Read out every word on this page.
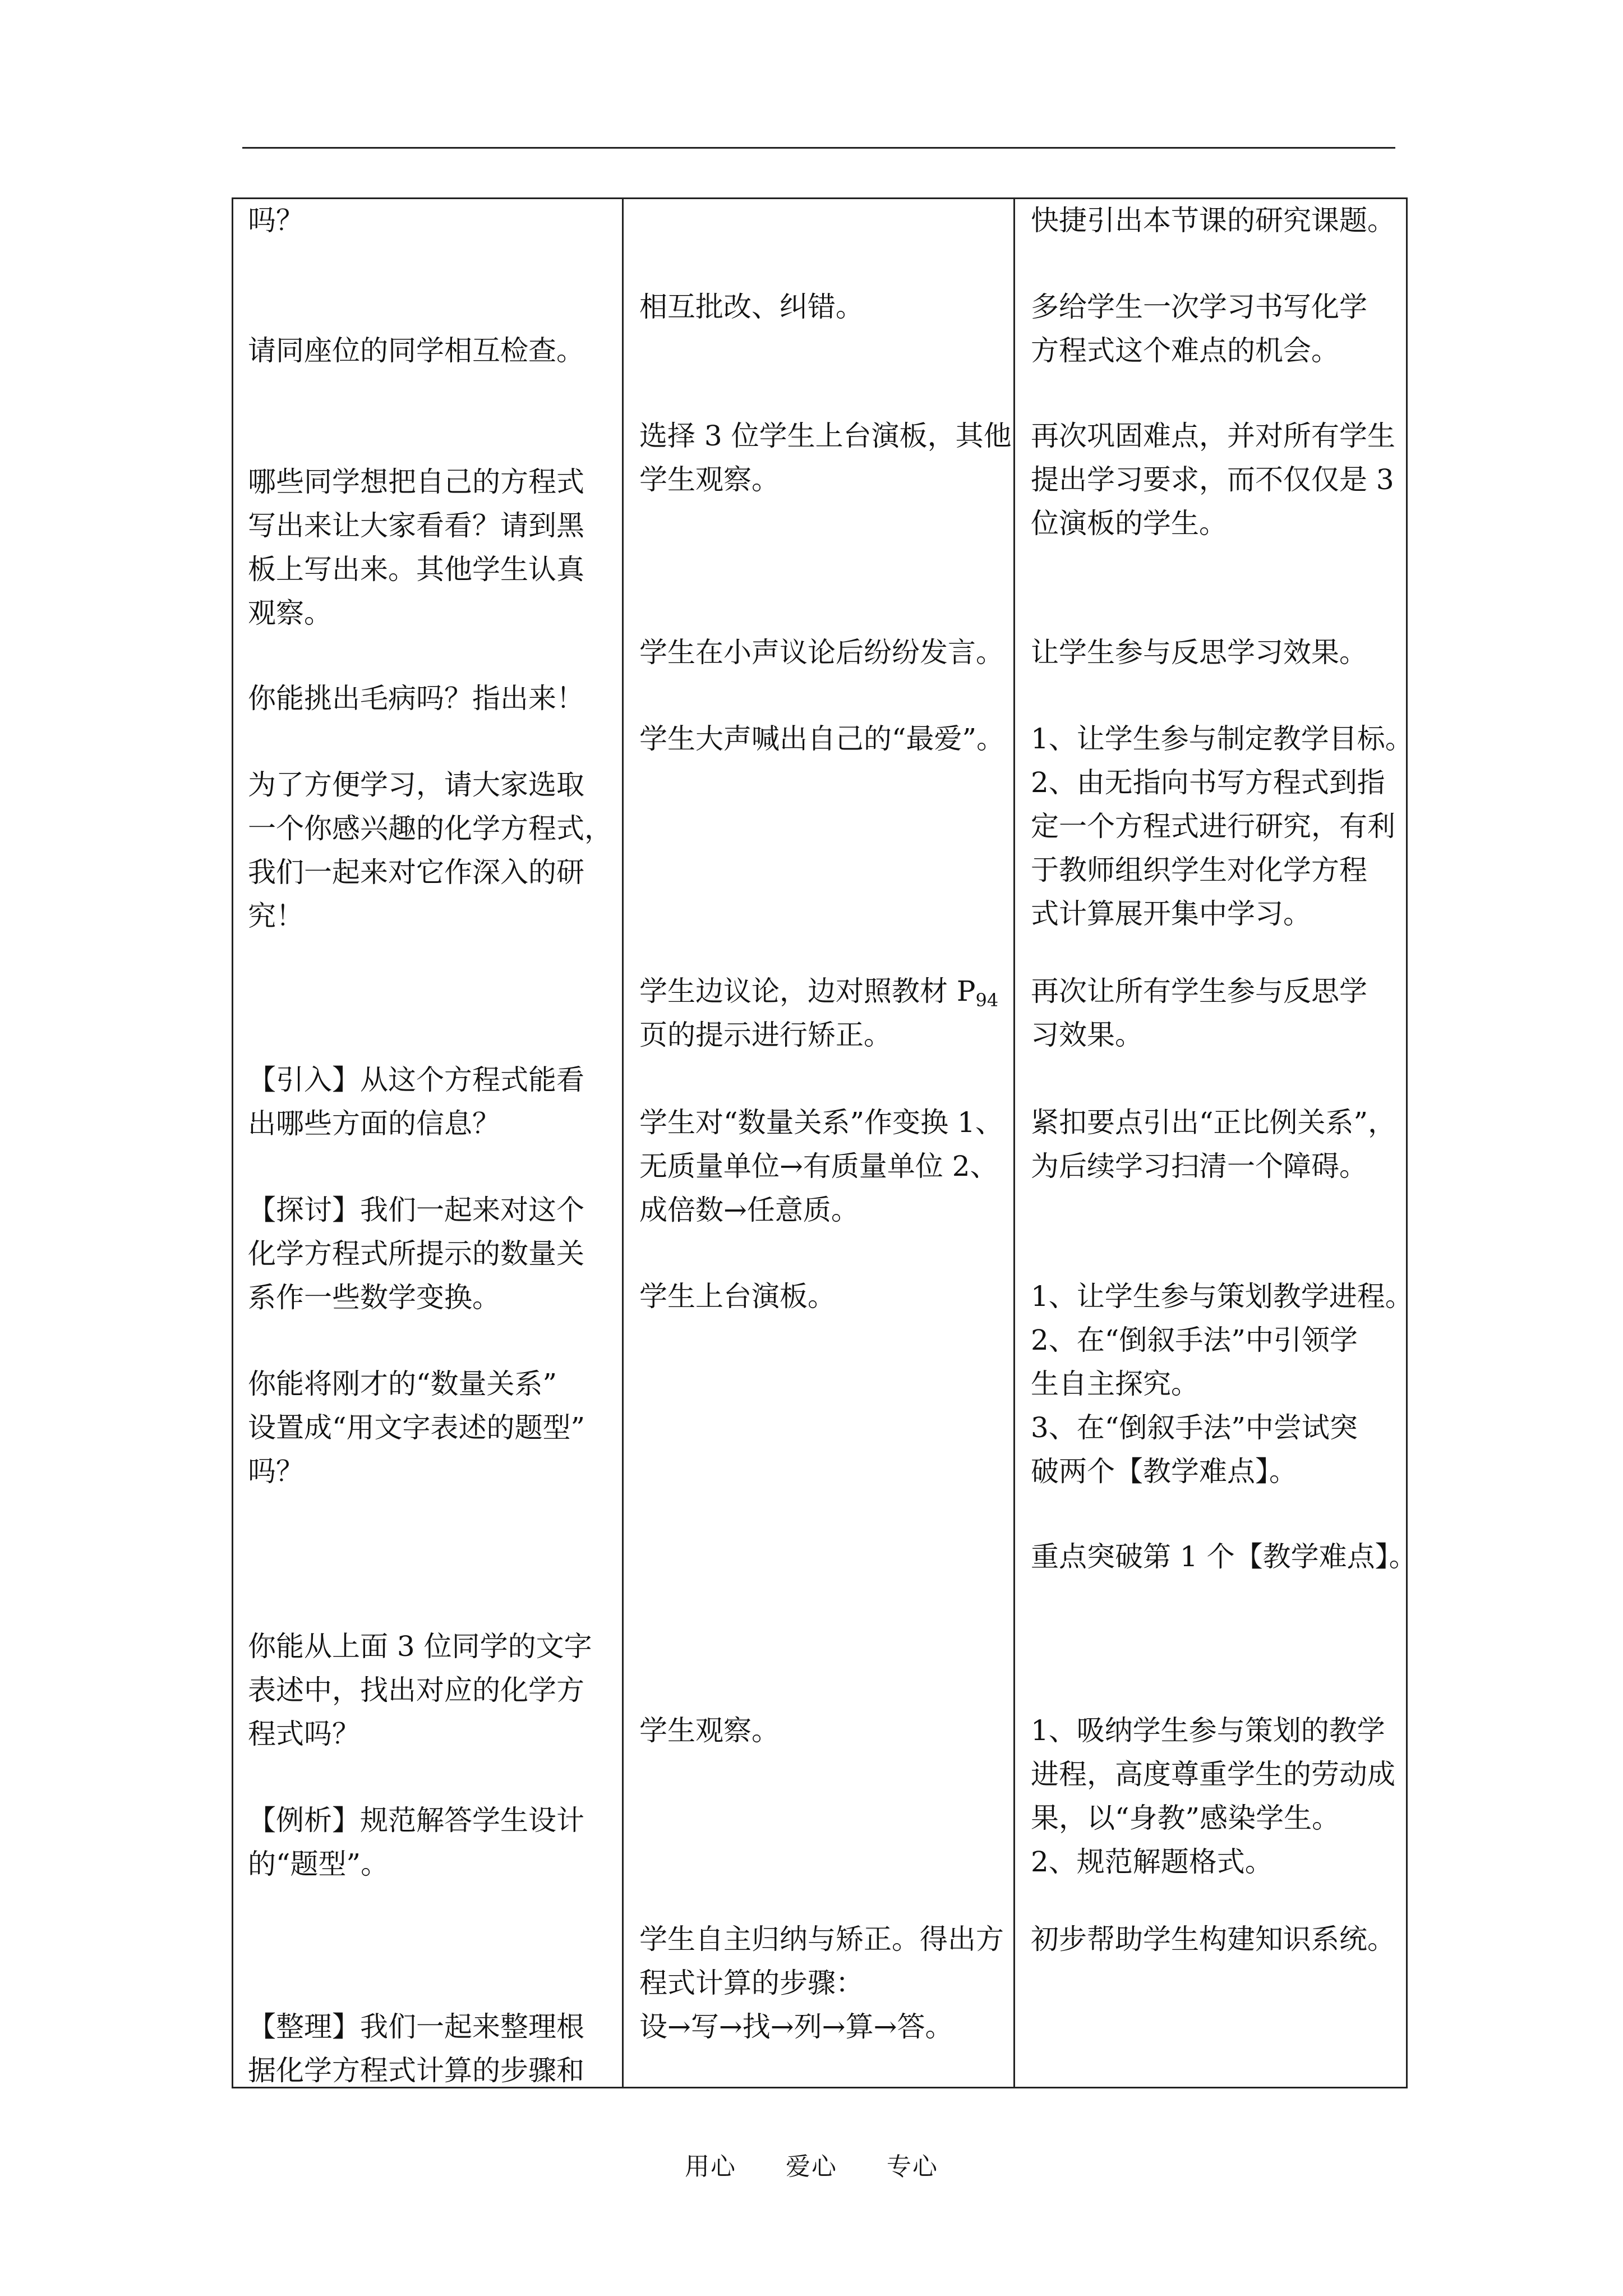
吗？

请同座位的同学相互检查。

哪些同学想把自己的方程式

写出来让大家看看？请到黑

板上写出来。其他学生认真

观察。

你能挑出毛病吗？指出来！

为了方便学习，请大家选取

一个你感兴趣的化学方程式，

我们一起来对它作深入的研

究！

【引入】从这个方程式能看

出哪些方面的信息？

【探讨】我们一起来对这个

化学方程式所提示的数量关

系作一些数学变换。

你能将刚才的“数量关系”

设置成“用文字表述的题型”

吗？

你能从上面 3 位同学的文字

表述中，找出对应的化学方

程式吗？

【例析】规范解答学生设计

的“题型”。

【整理】我们一起来整理根

据化学方程式计算的步骤和

相互批改、纠错。

选择 3 位学生上台演板，其他

学生观察。

学生在小声议论后纷纷发言。

学生大声喊出自己的“最爱”。

学生边议论，边对照教材 $P_{94}$

页的提示进行矫正。

学生对“数量关系”作变换 1、

无质量单位→有质量单位 2、

成倍数→任意质。

学生上台演板。

学生观察。

学生自主归纳与矫正。得出方

程式计算的步骤：

设→写→找→列→算→答。

快捷引出本节课的研究课题。

多给学生一次学习书写化学

方程式这个难点的机会。

再次巩固难点，并对所有学生

提出学习要求，而不仅仅是 3

位演板的学生。

让学生参与反思学习效果。

1、让学生参与制定教学目标。

2、由无指向书写方程式到指

定一个方程式进行研究，有利

于教师组织学生对化学方程

式计算展开集中学习。

再次让所有学生参与反思学

习效果。

紧扣要点引出“正比例关系”，

为后续学习扫清一个障碍。

1、让学生参与策划教学进程。

2、在“倒叙手法”中引领学

生自主探究。

3、在“倒叙手法”中尝试突

破两个【教学难点】。

重点突破第 1 个【教学难点】。

1、吸纳学生参与策划的教学

进程，高度尊重学生的劳动成

果，以“身教”感染学生。

2、规范解题格式。

初步帮助学生构建知识系统。

用心 爱心 专心
